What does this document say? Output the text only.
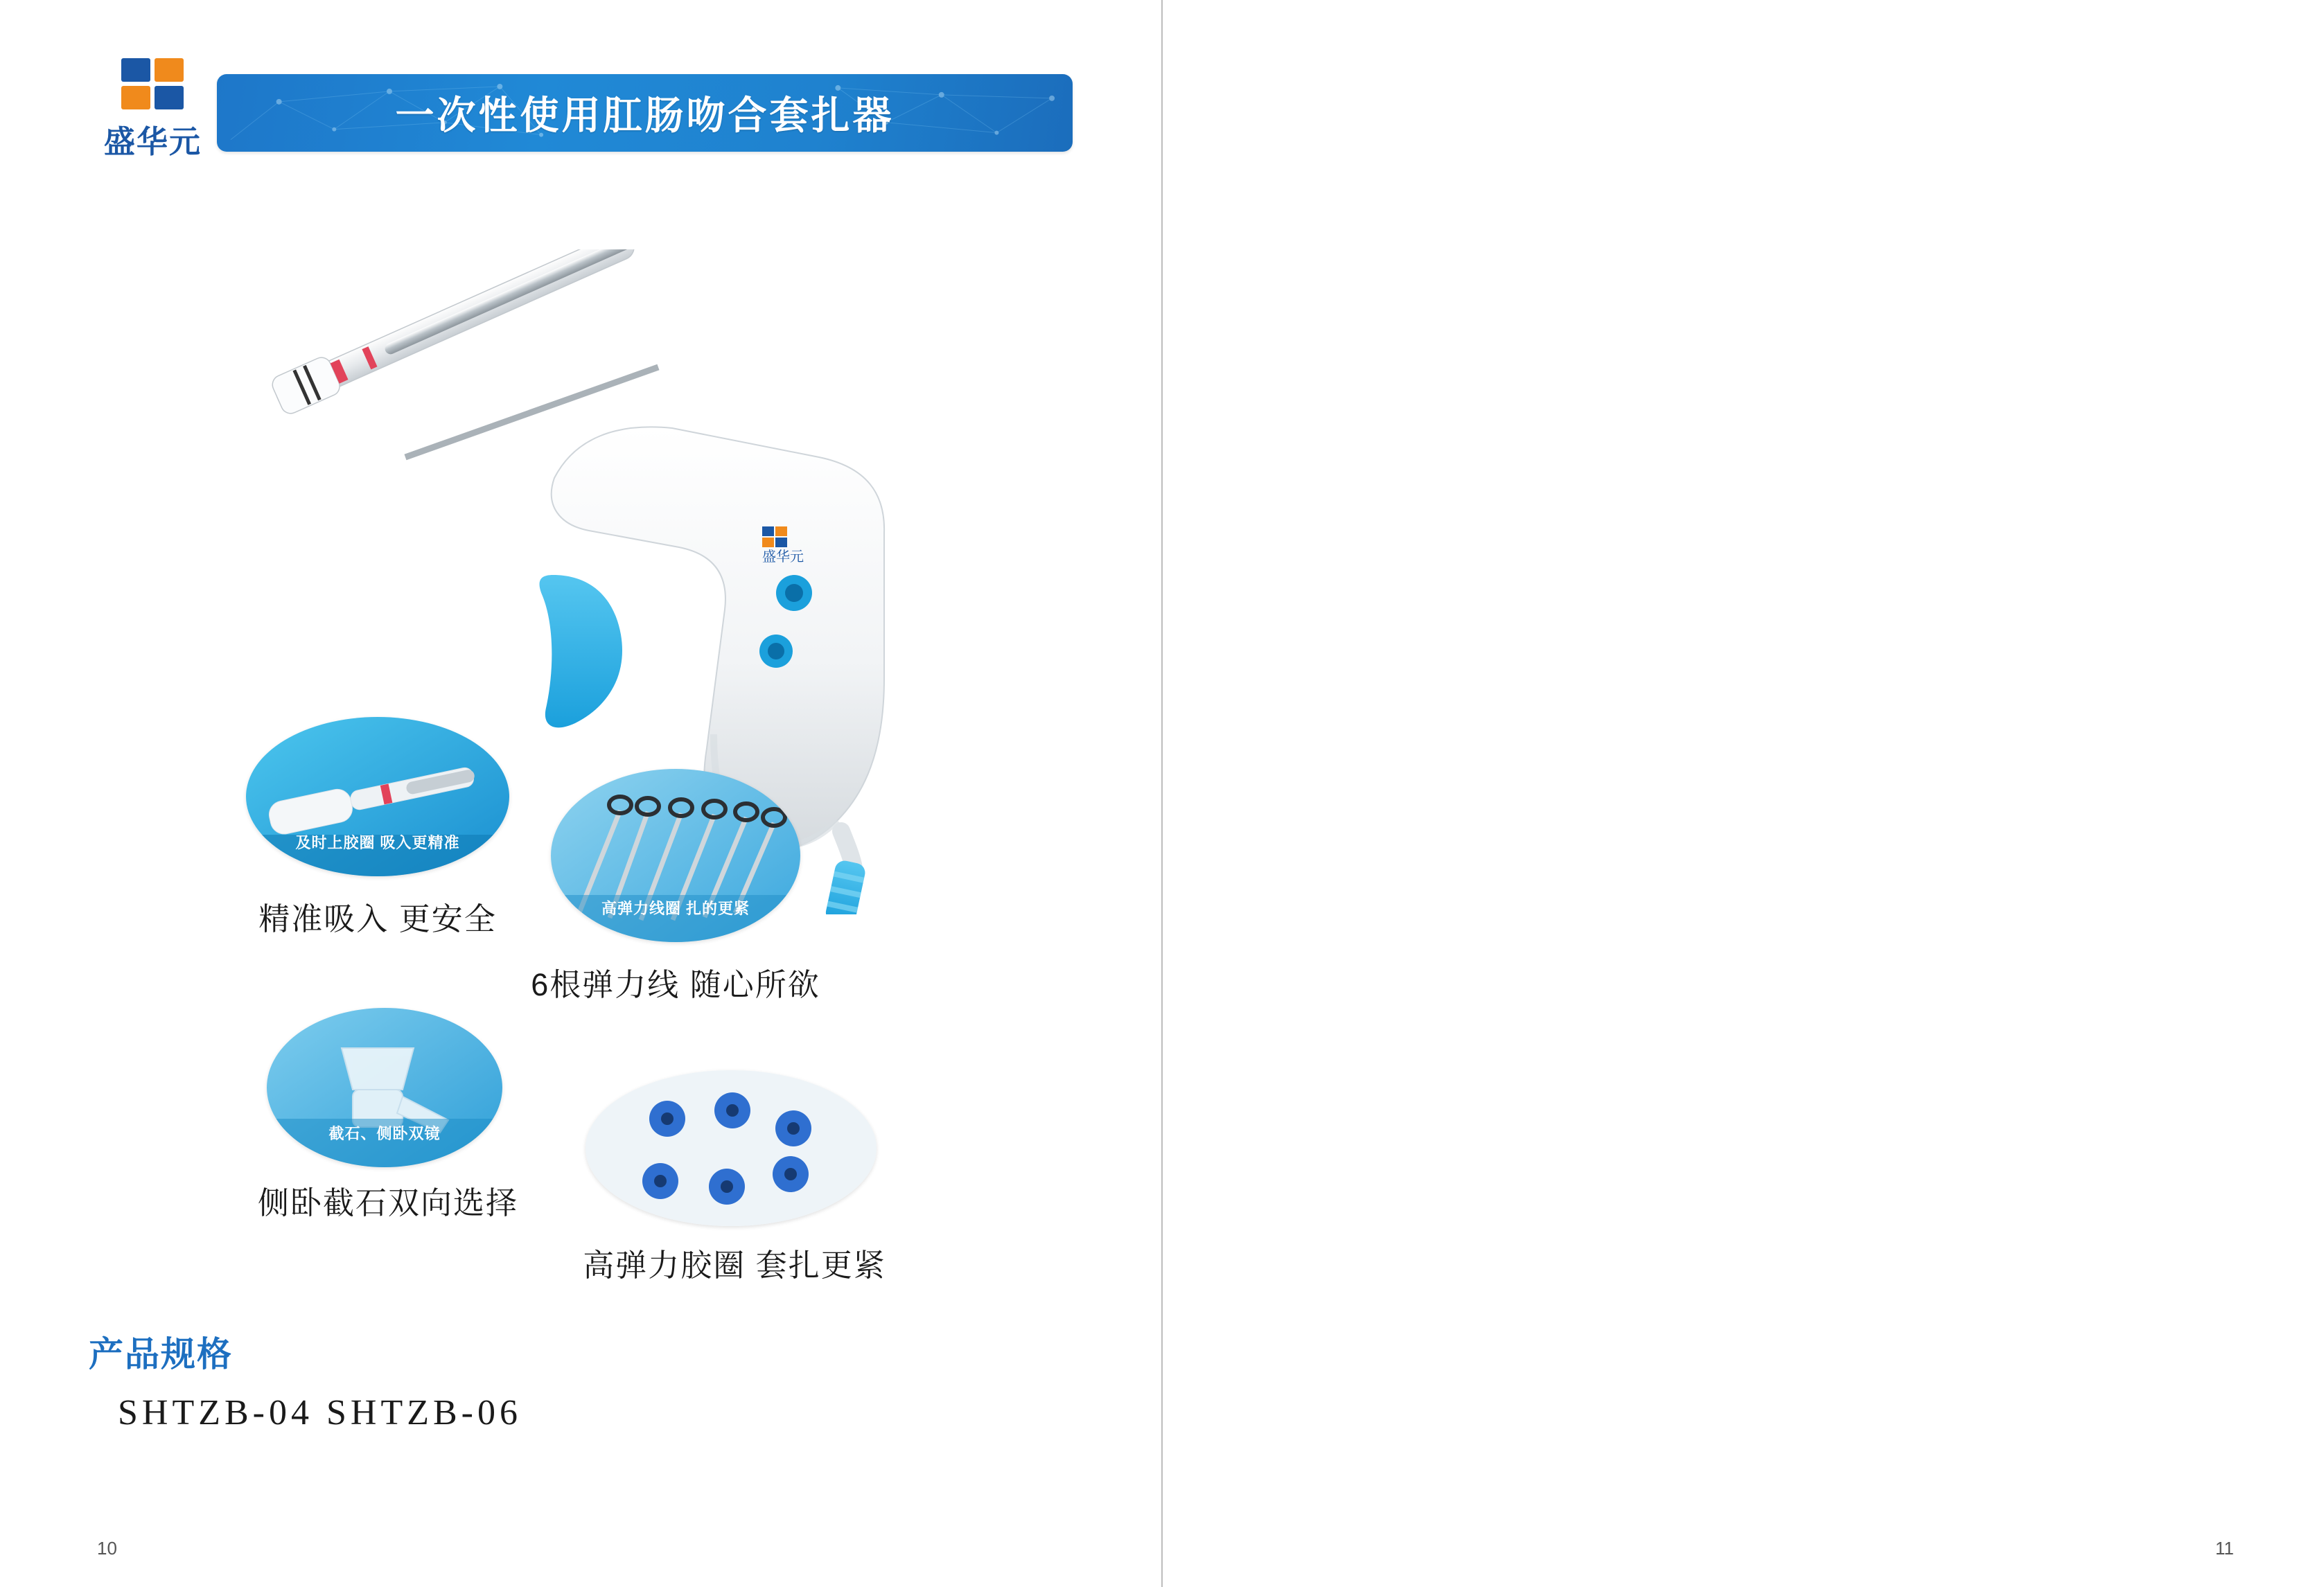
盛华元
一次性使用肛肠吻合套扎器
盛华元
及时上胶圈 吸入更精准
精准吸入 更安全	高弹力线圈 扎的更紧
6根弹力线 随心所欲
截石、侧卧双镜
侧卧截石双向选择
高弹力胶圈 套扎更紧
产品规格
SHTZB-04 SHTZB-06
10	11
